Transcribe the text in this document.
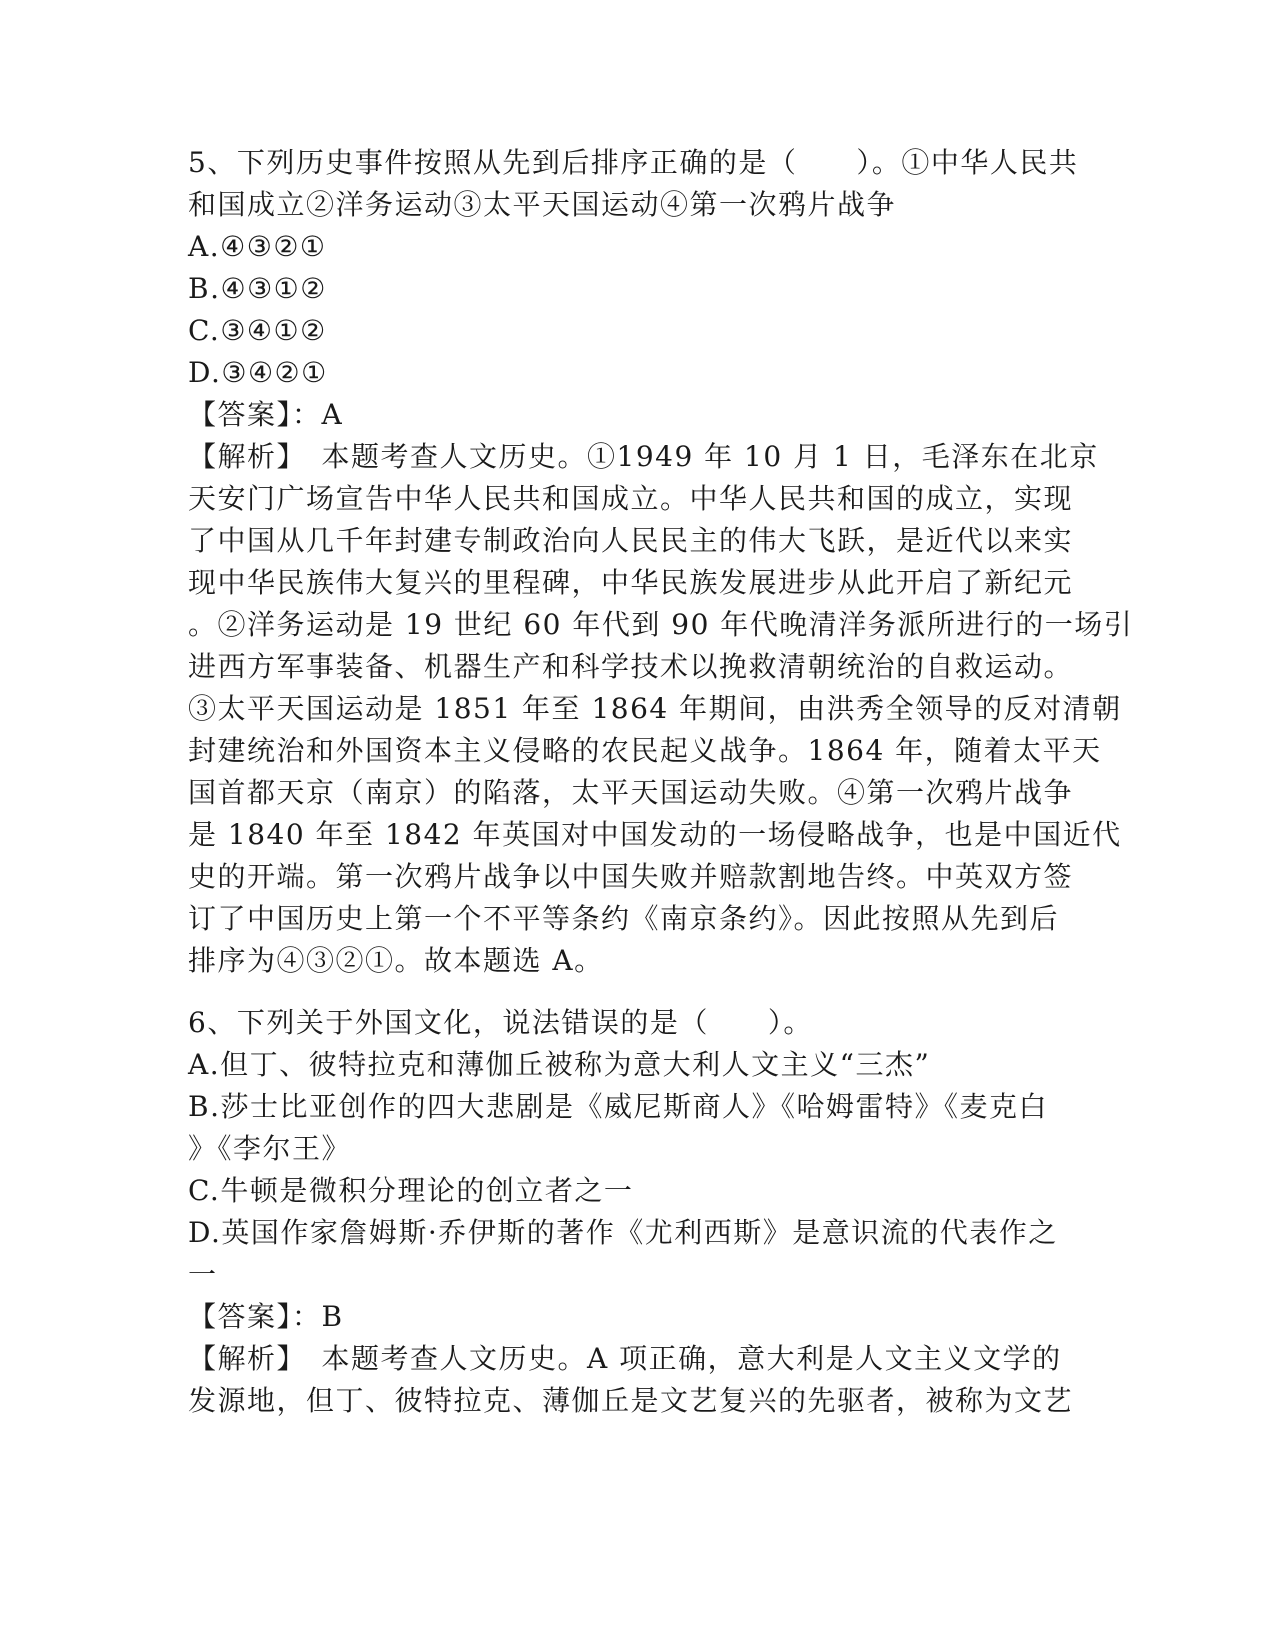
5、下列历史事件按照从先到后排序正确的是（　　）。①中华人民共
和国成立②洋务运动③太平天国运动④第一次鸦片战争
A.④③②①
B.④③①②
C.③④①②
D.③④②①
【答案】：A
【解析】　本题考查人文历史。①1949 年 10 月 1 日，毛泽东在北京
天安门广场宣告中华人民共和国成立。中华人民共和国的成立，实现
了中国从几千年封建专制政治向人民民主的伟大飞跃，是近代以来实
现中华民族伟大复兴的里程碑，中华民族发展进步从此开启了新纪元
。②洋务运动是 19 世纪 60 年代到 90 年代晚清洋务派所进行的一场引
进西方军事装备、机器生产和科学技术以挽救清朝统治的自救运动。
③太平天国运动是 1851 年至 1864 年期间，由洪秀全领导的反对清朝
封建统治和外国资本主义侵略的农民起义战争。1864 年，随着太平天
国首都天京（南京）的陷落，太平天国运动失败。④第一次鸦片战争
是 1840 年至 1842 年英国对中国发动的一场侵略战争，也是中国近代
史的开端。第一次鸦片战争以中国失败并赔款割地告终。中英双方签
订了中国历史上第一个不平等条约《南京条约》。因此按照从先到后
排序为④③②①。故本题选 A。
6、下列关于外国文化，说法错误的是（　　）。
A.但丁、彼特拉克和薄伽丘被称为意大利人文主义“三杰”
B.莎士比亚创作的四大悲剧是《威尼斯商人》《哈姆雷特》《麦克白
》《李尔王》
C.牛顿是微积分理论的创立者之一
D.英国作家詹姆斯·乔伊斯的著作《尤利西斯》是意识流的代表作之
一
【答案】：B
【解析】　本题考查人文历史。A 项正确，意大利是人文主义文学的
发源地，但丁、彼特拉克、薄伽丘是文艺复兴的先驱者，被称为文艺
